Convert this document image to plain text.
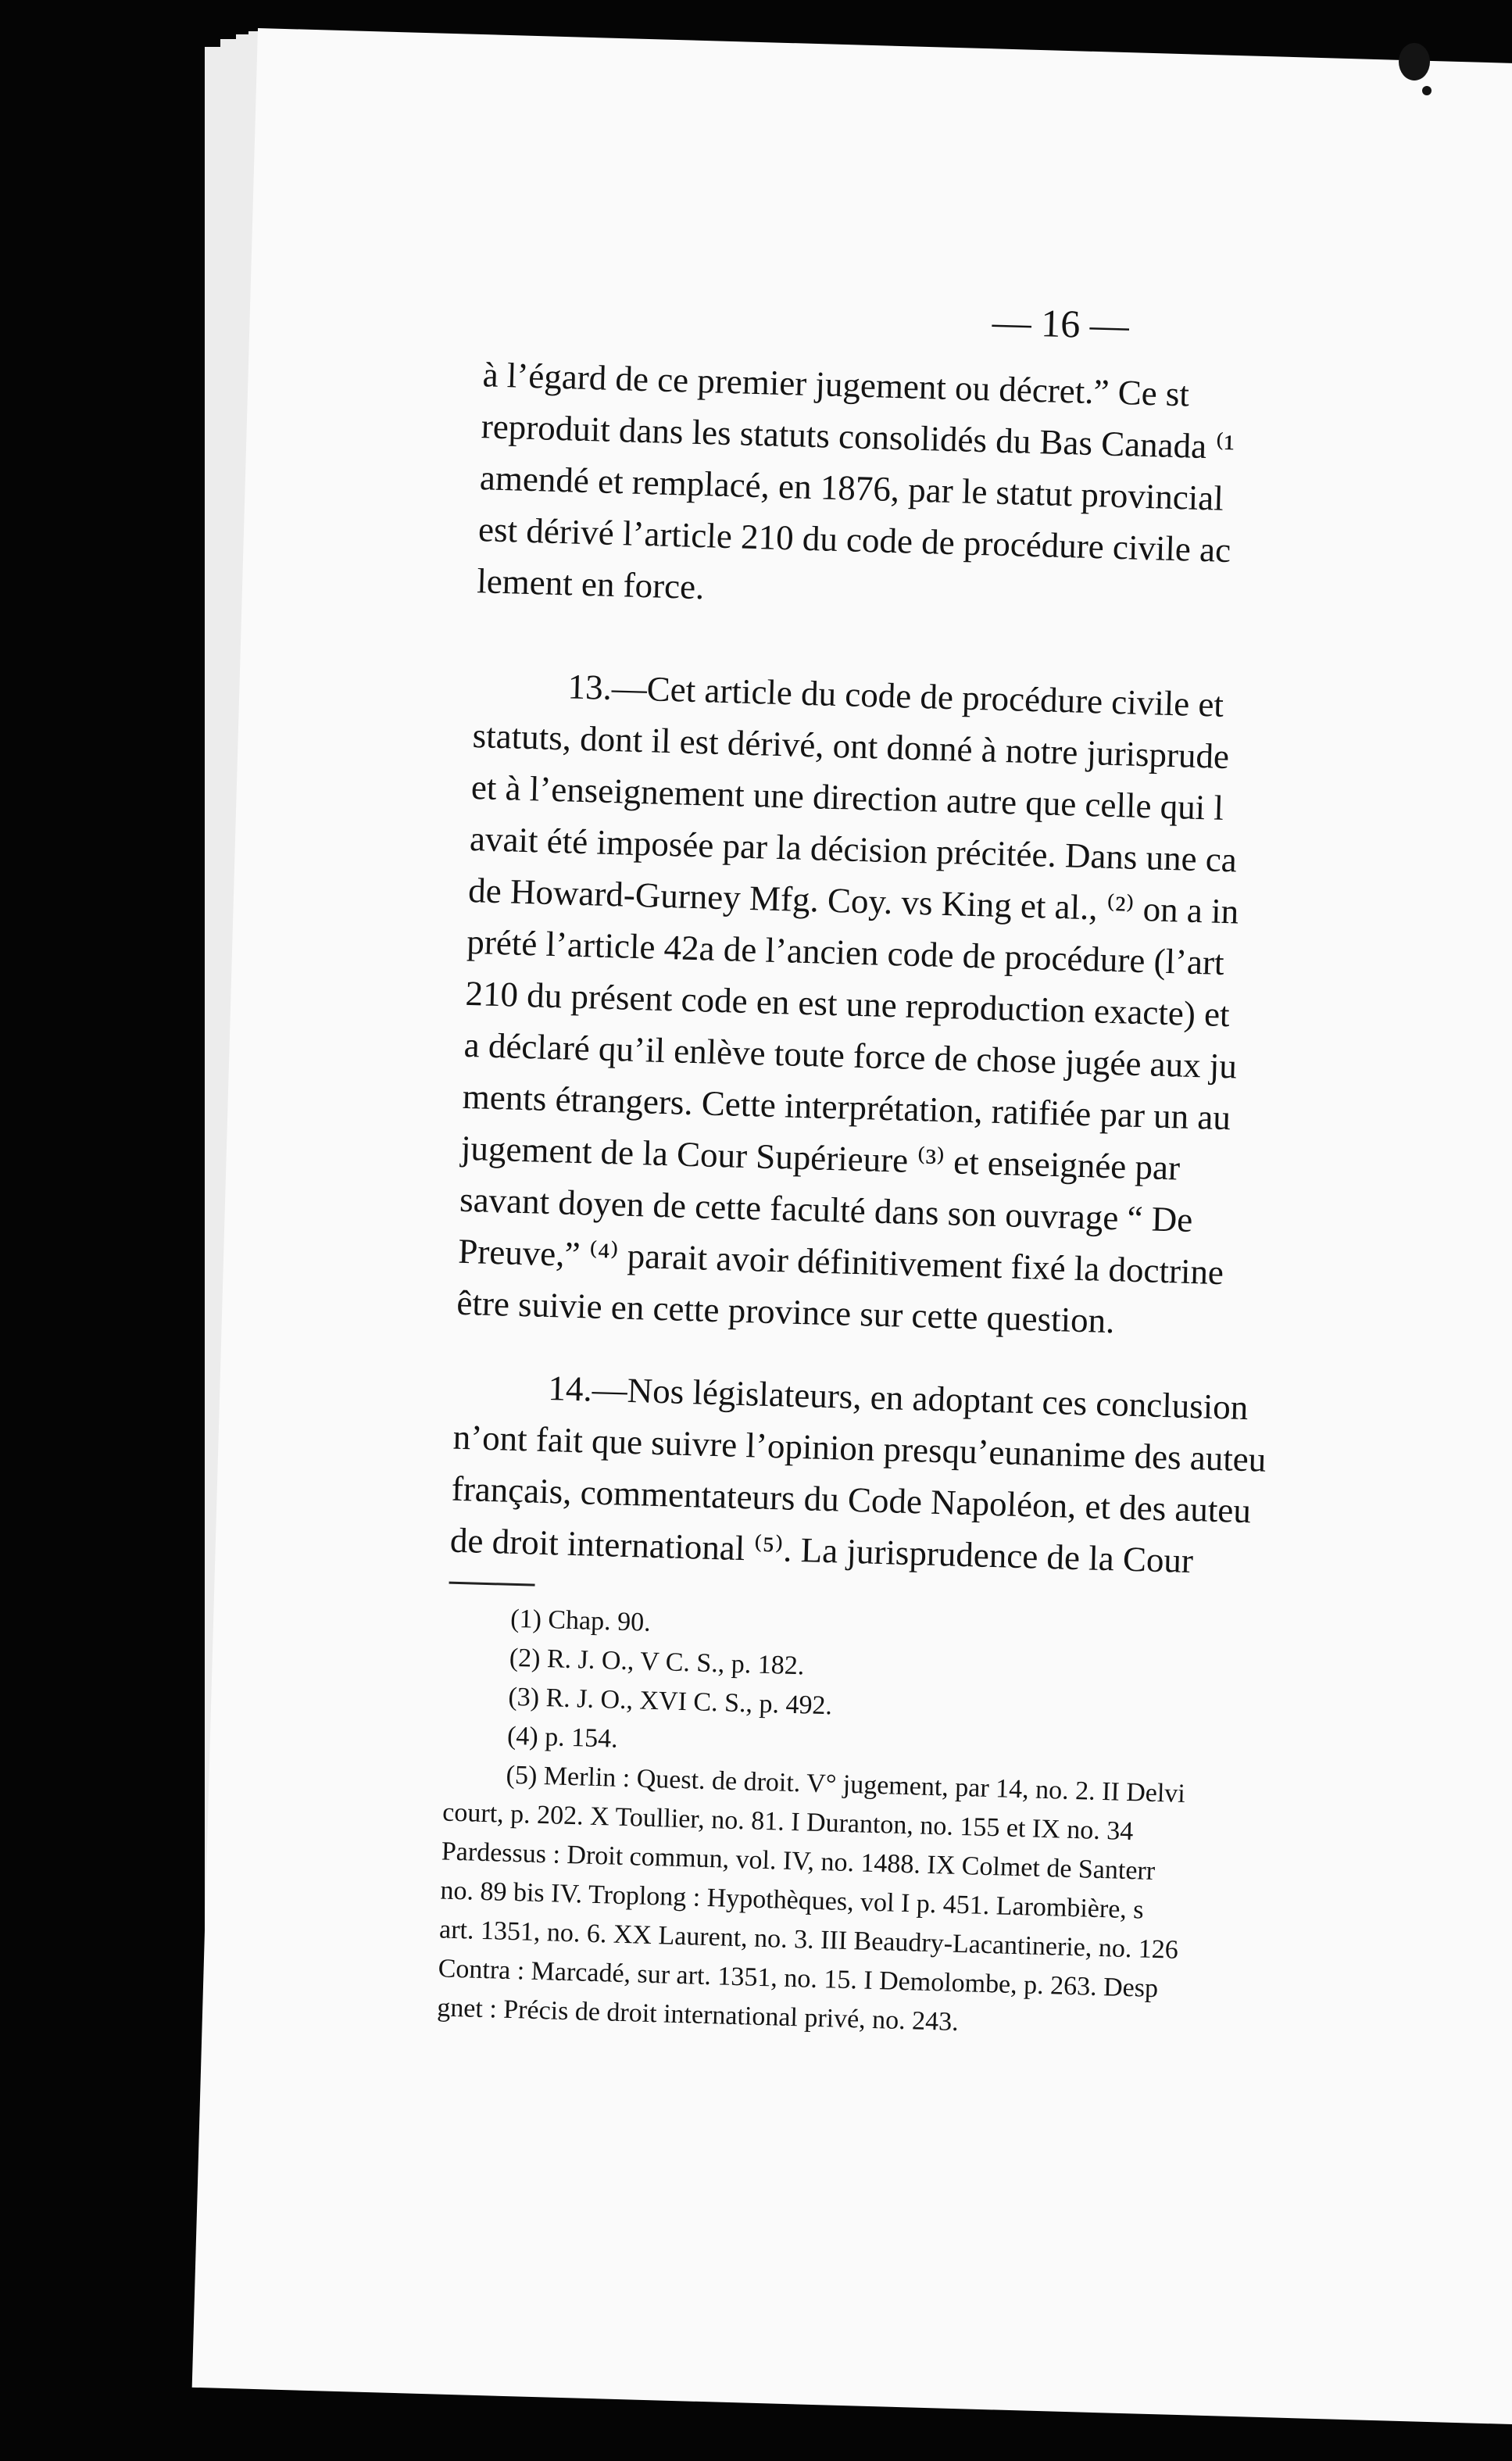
— 16 —

à l’égard de ce premier jugement ou décret.” Ce st
reproduit dans les statuts consolidés du Bas Canada ⁽¹
amendé et remplacé, en 1876, par le statut provincial
est dérivé l’article 210 du code de procédure civile ac
lement en force.

13.—Cet article du code de procédure civile et
statuts, dont il est dérivé, ont donné à notre jurisprude
et à l’enseignement une direction autre que celle qui l
avait été imposée par la décision précitée. Dans une ca
de Howard-Gurney Mfg. Coy. vs King et al., ⁽²⁾ on a in
prété l’article 42a de l’ancien code de procédure (l’art
210 du présent code en est une reproduction exacte) et
a déclaré qu’il enlève toute force de chose jugée aux ju
ments étrangers. Cette interprétation, ratifiée par un au
jugement de la Cour Supérieure ⁽³⁾ et enseignée par
savant doyen de cette faculté dans son ouvrage “ De
Preuve,” ⁽⁴⁾ parait avoir définitivement fixé la doctrine
être suivie en cette province sur cette question.

14.—Nos législateurs, en adoptant ces conclusion
n’ont fait que suivre l’opinion presqu’eunanime des auteu
français, commentateurs du Code Napoléon, et des auteu
de droit international ⁽⁵⁾. La jurisprudence de la Cour

(1) Chap. 90.
(2) R. J. O., V C. S., p. 182.
(3) R. J. O., XVI C. S., p. 492.
(4) p. 154.
(5) Merlin : Quest. de droit. V° jugement, par 14, no. 2. II Delvi
court, p. 202. X Toullier, no. 81. I Duranton, no. 155 et IX no. 34
Pardessus : Droit commun, vol. IV, no. 1488. IX Colmet de Santerr
no. 89 bis IV. Troplong : Hypothèques, vol I p. 451. Larombière, s
art. 1351, no. 6. XX Laurent, no. 3. III Beaudry-Lacantinerie, no. 126
Contra : Marcadé, sur art. 1351, no. 15. I Demolombe, p. 263. Desp
gnet : Précis de droit international privé, no. 243.
